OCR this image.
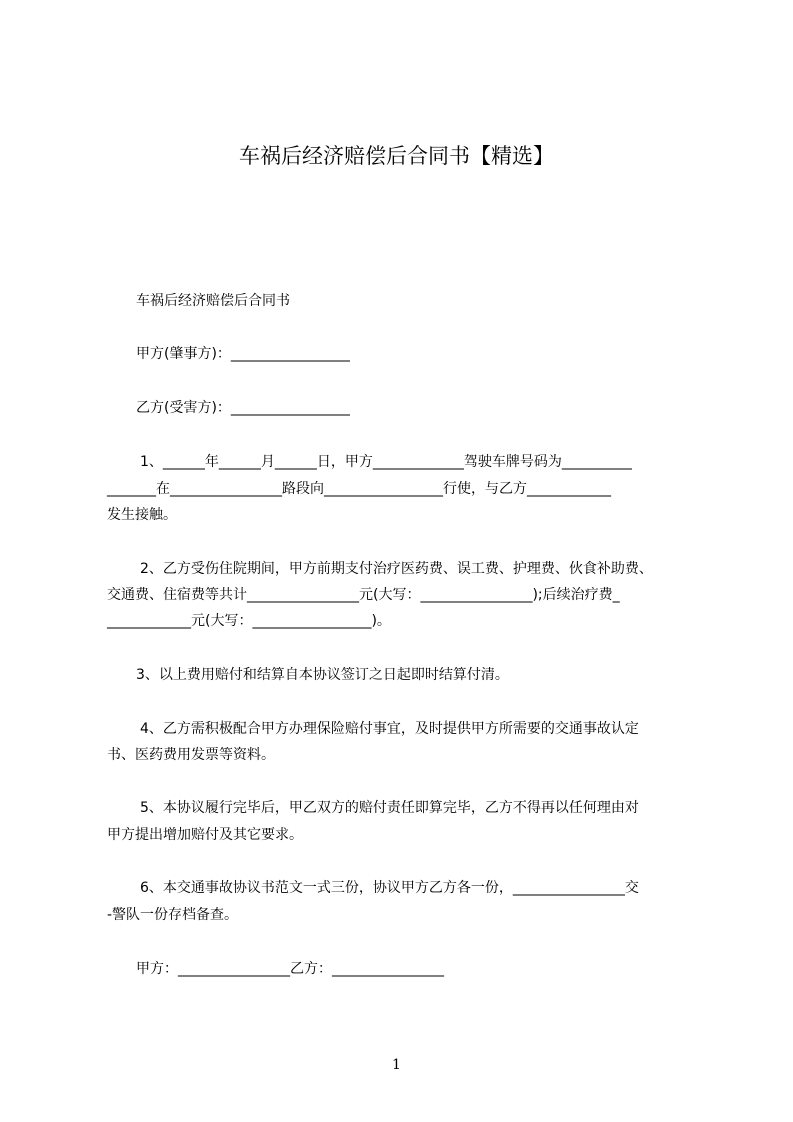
车祸后经济赔偿后合同书【精选】
车祸后经济赔偿后合同书
甲方(肇事方)：_________________
乙方(受害方)：_________________
1、______年______月______日，甲方_____________驾驶车牌号码为__________
_______在________________路段向_________________行使，与乙方____________
发生接触。
2、乙方受伤住院期间，甲方前期支付治疗医药费、误工费、护理费、伙食补助费、
交通费、住宿费等共计________________元(大写：________________);后续治疗费_
____________元(大写：_________________)。
3、以上费用赔付和结算自本协议签订之日起即时结算付清。
4、乙方需积极配合甲方办理保险赔付事宜，及时提供甲方所需要的交通事故认定
书、医药费用发票等资料。
5、本协议履行完毕后，甲乙双方的赔付责任即算完毕，乙方不得再以任何理由对
甲方提出增加赔付及其它要求。
6、本交通事故协议书范文一式三份，协议甲方乙方各一份，________________交
-警队一份存档备查。
甲方：________________乙方：________________
1
